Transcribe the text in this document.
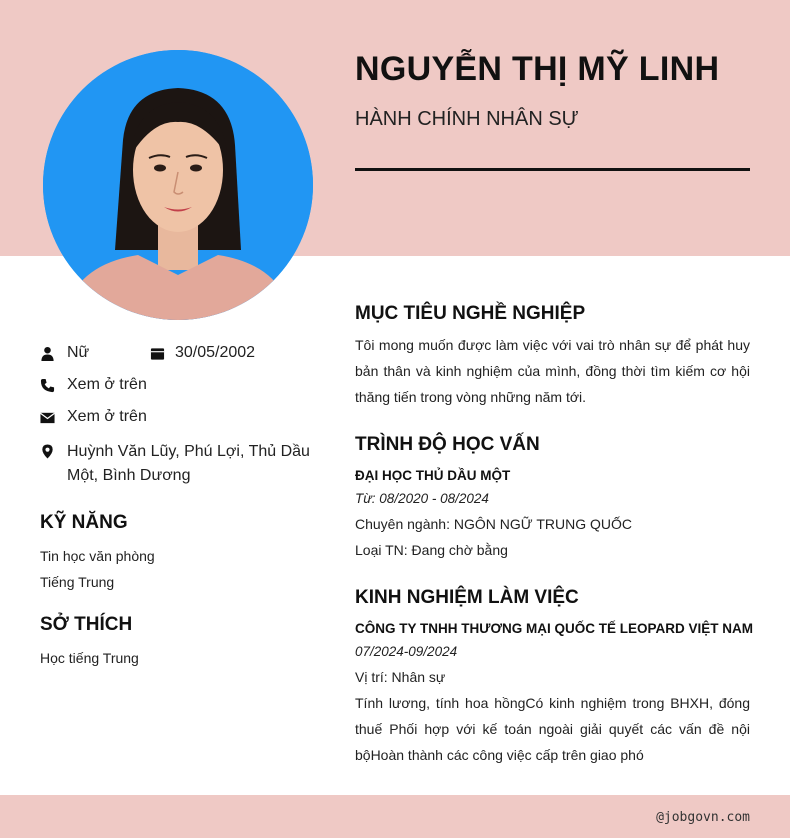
NGUYỄN THỊ MỸ LINH
HÀNH CHÍNH NHÂN SỰ
Nữ	30/05/2002
Xem ở trên
Xem ở trên
Huỳnh Văn Lũy, Phú Lợi, Thủ Dầu Một, Bình Dương
KỸ NĂNG
Tin học văn phòng
Tiếng Trung
SỞ THÍCH
Học tiếng Trung
MỤC TIÊU NGHỀ NGHIỆP
Tôi mong muốn được làm việc với vai trò nhân sự để phát huy bản thân và kinh nghiệm của mình, đồng thời tìm kiếm cơ hội thăng tiến trong vòng những năm tới.
TRÌNH ĐỘ HỌC VẤN
ĐẠI HỌC THỦ DẦU MỘT
Từ: 08/2020 - 08/2024
Chuyên ngành: NGÔN NGỮ TRUNG QUỐC
Loại TN: Đang chờ bằng
KINH NGHIỆM LÀM VIỆC
CÔNG TY TNHH THƯƠNG MẠI QUỐC TẾ LEOPARD VIỆT NAM
07/2024-09/2024
Vị trí: Nhân sự
Tính lương, tính hoa hồngCó kinh nghiệm trong BHXH, đóng thuế Phối hợp với kế toán ngoài giải quyết các vấn đề nội bộHoàn thành các công việc cấp trên giao phó
@jobgovn.com
